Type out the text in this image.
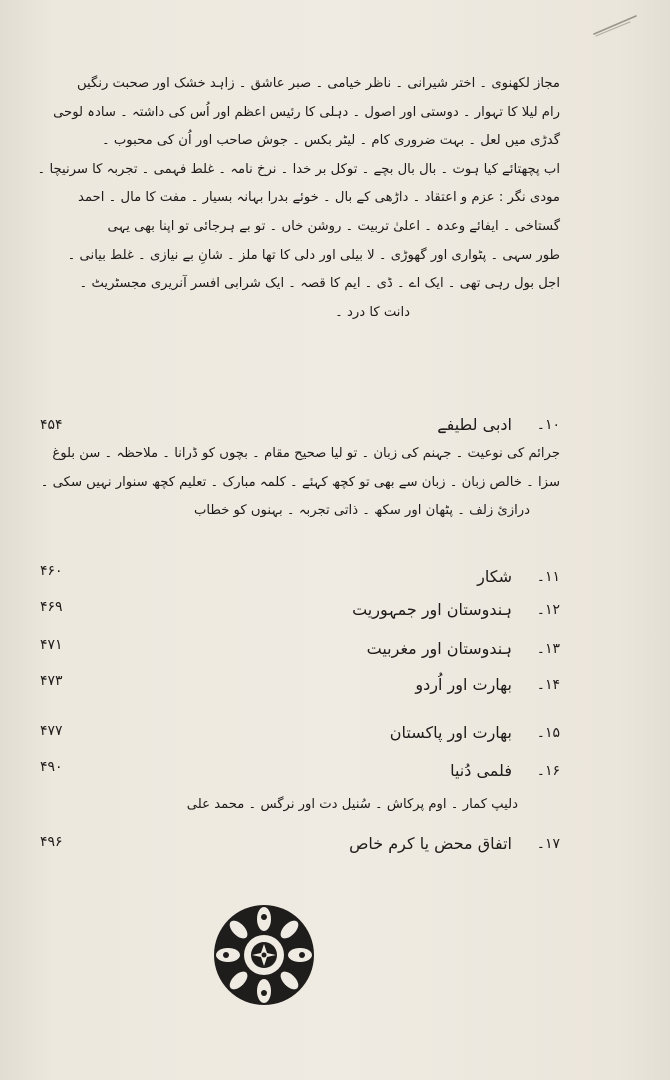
مجاز لکھنوی ۔ اختر شیرانی ۔ ناظر خیامی ۔ صبر عاشق ۔ زاہد خشک اور صحبت رنگیں

رام لیلا کا تہوار ۔ دوستی اور اصول ۔ دہلی کا رئیس اعظم اور اُس کی داشتہ ۔ سادہ لوحی

گدڑی میں لعل ۔ بہت ضروری کام ۔ لیٹر بکس ۔ جوش صاحب اور اُن کی محبوب ۔

اب پچھتائے کیا ہوت ۔ بال بال بچے ۔ توکل بر خدا ۔ نرخ نامہ ۔ غلط فہمی ۔ تجربہ کا سرنیچا ۔

مودی نگر : عزم و اعتقاد ۔ داڑھی کے بال ۔ خوئے بدرا بہانہ بسیار ۔ مفت کا مال ۔ احمد

گستاخی ۔ ایفائے وعدہ ۔ اعلیٰ تربیت ۔ روشن خاں ۔ تو بے ہرجائی تو اپنا بھی یہی

طور سہی ۔ پٹواری اور گھوڑی ۔ لا بیلی اور دلی کا تھا ملز ۔ شانِ بے نیازی ۔ غلط بیانی ۔

اجل بول رہی تھی ۔ ایک اے ۔ ڈی ۔ ایم کا قصہ ۔ ایک شرابی افسر آنریری مجسٹریٹ ۔

دانت کا درد ۔

۱۰۔
ادبی لطیفے
۴۵۴

جرائم کی نوعیت ۔ جہنم کی زبان ۔ تو لیا صحیح مقام ۔ بچوں کو ڈرانا ۔ ملاحظہ ۔ سن بلوغ

سزا ۔ خالص زبان ۔ زبان سے بھی تو کچھ کہئے ۔ کلمہ مبارک ۔ تعلیم کچھ سنوار نہیں سکی ۔

درازیٔ زلف ۔ پٹھان اور سکھ ۔ ذاتی تجربہ ۔ بہنوں کو خطاب

۱۱۔
شکار
۴۶۰
۱۲۔
ہندوستان اور جمہوریت
۴۶۹
۱۳۔
ہندوستان اور مغربیت
۴۷۱
۱۴۔
بھارت اور اُردو
۴۷۳
۱۵۔
بھارت اور پاکستان
۴۷۷
۱۶۔
فلمی دُنیا
۴۹۰
دلیپ کمار ۔ اوم پرکاش ۔ سُنیل دت اور نرگس ۔ محمد علی
۱۷۔
اتفاق محض یا کرم خاص
۴۹۶
